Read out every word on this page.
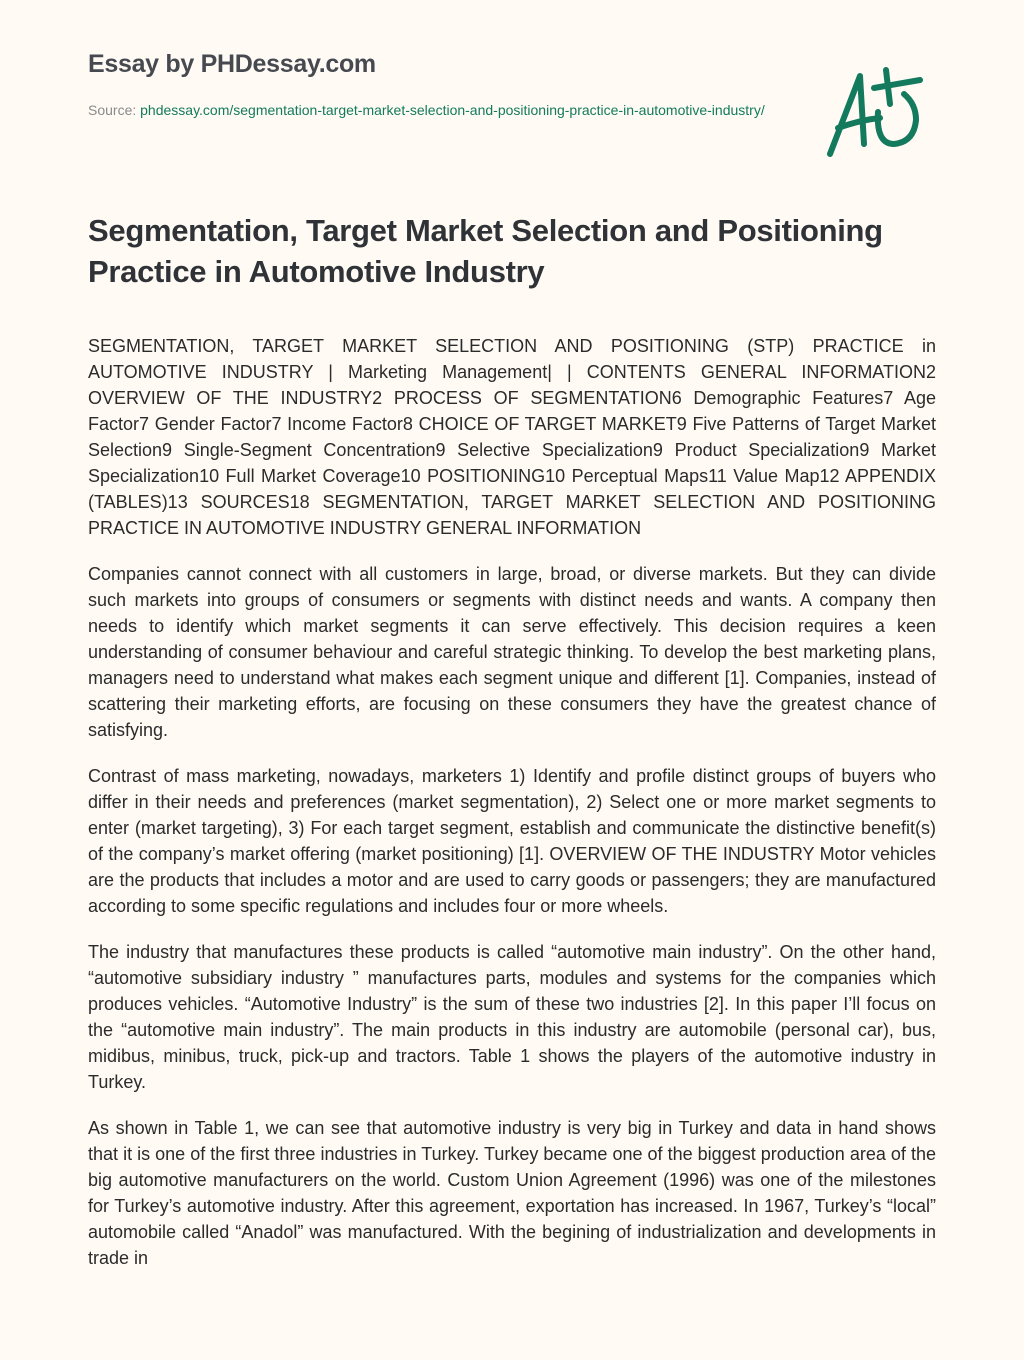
Essay by PHDessay.com
Source: phdessay.com/segmentation-target-market-selection-and-positioning-practice-in-automotive-industry/
Segmentation, Target Market Selection and Positioning Practice in Automotive Industry

SEGMENTATION, TARGET MARKET SELECTION AND POSITIONING (STP) PRACTICE in AUTOMOTIVE INDUSTRY | Marketing Management| | CONTENTS GENERAL INFORMATION2 OVERVIEW OF THE INDUSTRY2 PROCESS OF SEGMENTATION6 Demographic Features7 Age Factor7 Gender Factor7 Income Factor8 CHOICE OF TARGET MARKET9 Five Patterns of Target Market Selection9 Single-Segment Concentration9 Selective Specialization9 Product Specialization9 Market Specialization10 Full Market Coverage10 POSITIONING10 Perceptual Maps11 Value Map12 APPENDIX (TABLES)13 SOURCES18 SEGMENTATION, TARGET MARKET SELECTION AND POSITIONING PRACTICE IN AUTOMOTIVE INDUSTRY GENERAL INFORMATION

Companies cannot connect with all customers in large, broad, or diverse markets. But they can divide such markets into groups of consumers or segments with distinct needs and wants. A company then needs to identify which market segments it can serve effectively. This decision requires a keen understanding of consumer behaviour and careful strategic thinking. To develop the best marketing plans, managers need to understand what makes each segment unique and different [1]. Companies, instead of scattering their marketing efforts, are focusing on these consumers they have the greatest chance of satisfying.

Contrast of mass marketing, nowadays, marketers 1) Identify and profile distinct groups of buyers who differ in their needs and preferences (market segmentation), 2) Select one or more market segments to enter (market targeting), 3) For each target segment, establish and communicate the distinctive benefit(s) of the company’s market offering (market positioning) [1]. OVERVIEW OF THE INDUSTRY Motor vehicles are the products that includes a motor and are used to carry goods or passengers; they are manufactured according to some specific regulations and includes four or more wheels.

The industry that manufactures these products is called “automotive main industry”. On the other hand, “automotive subsidiary industry ” manufactures parts, modules and systems for the companies which produces vehicles. “Automotive Industry” is the sum of these two industries [2]. In this paper I’ll focus on the “automotive main industry”. The main products in this industry are automobile (personal car), bus, midibus, minibus, truck, pick-up and tractors. Table 1 shows the players of the automotive industry in Turkey.

As shown in Table 1, we can see that automotive industry is very big in Turkey and data in hand shows that it is one of the first three industries in Turkey. Turkey became one of the biggest production area of the big automotive manufacturers on the world. Custom Union Agreement (1996) was one of the milestones for Turkey’s automotive industry. After this agreement, exportation has increased. In 1967, Turkey’s “local” automobile called “Anadol” was manufactured. With the begining of industrialization and developments in trade in
